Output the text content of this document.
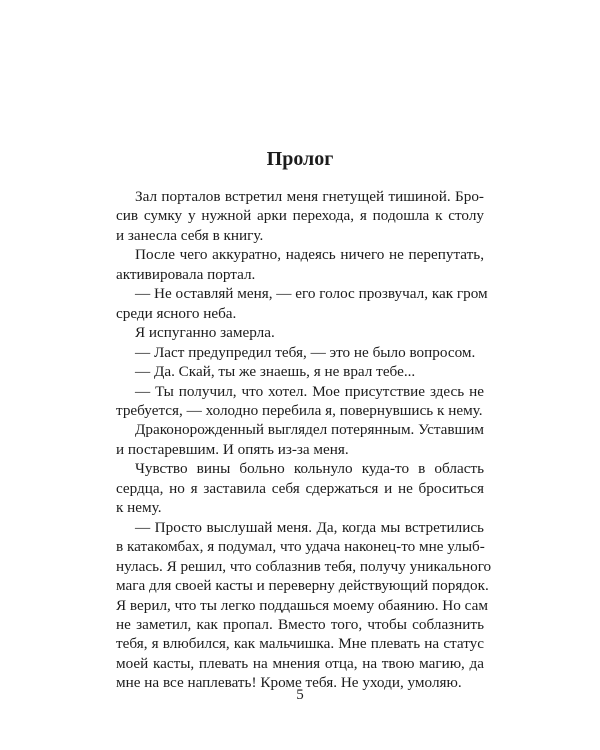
Пролог
Зал порталов встретил меня гнетущей тишиной. Бро-
сив сумку у нужной арки перехода, я подошла к столу
и занесла себя в книгу.
После чего аккуратно, надеясь ничего не перепутать,
активировала портал.
— Не оставляй меня, — его голос прозвучал, как гром
среди ясного неба.
Я испуганно замерла.
— Ласт предупредил тебя, — это не было вопросом.
— Да. Скай, ты же знаешь, я не врал тебе...
— Ты получил, что хотел. Мое присутствие здесь не
требуется, — холодно перебила я, повернувшись к нему.
Драконорожденный выглядел потерянным. Уставшим
и постаревшим. И опять из-за меня.
Чувство вины больно кольнуло куда-то в область
сердца, но я заставила себя сдержаться и не броситься
к нему.
— Просто выслушай меня. Да, когда мы встретились
в катакомбах, я подумал, что удача наконец-то мне улыб-
нулась. Я решил, что соблазнив тебя, получу уникального
мага для своей касты и переверну действующий порядок.
Я верил, что ты легко поддашься моему обаянию. Но сам
не заметил, как пропал. Вместо того, чтобы соблазнить
тебя, я влюбился, как мальчишка. Мне плевать на статус
моей касты, плевать на мнения отца, на твою магию, да
мне на все наплевать! Кроме тебя. Не уходи, умоляю.
5
